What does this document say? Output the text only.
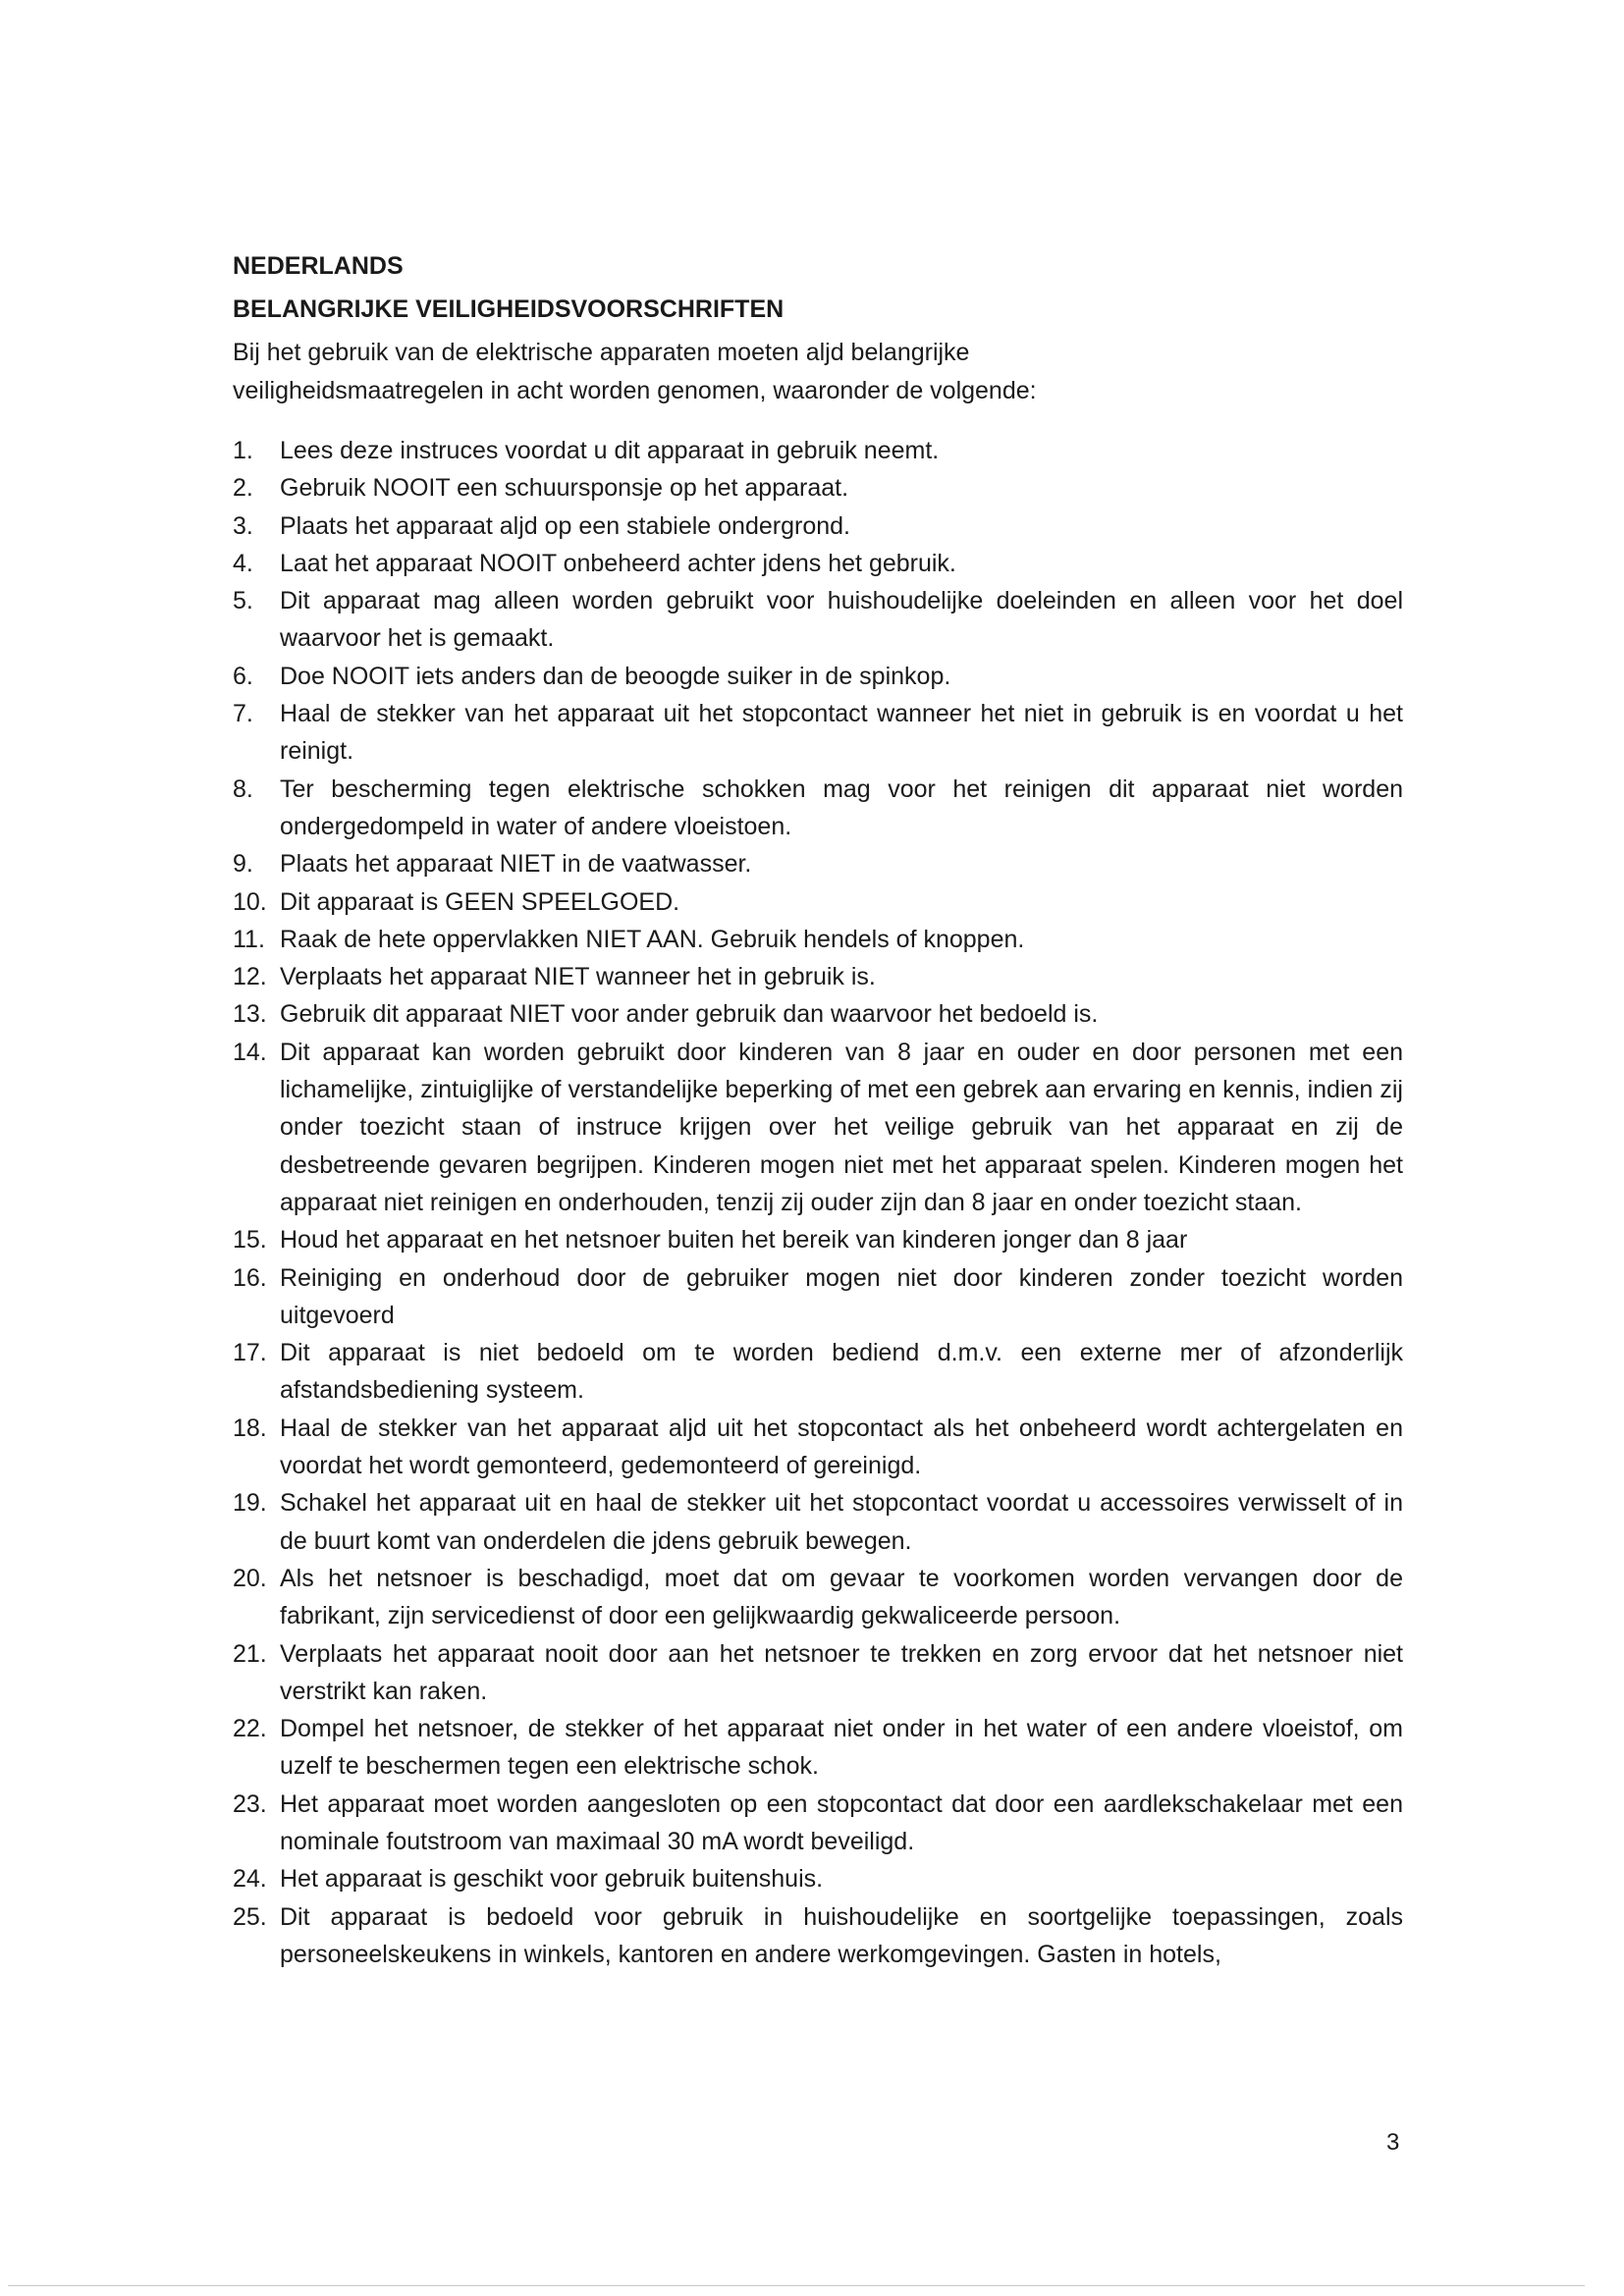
NEDERLANDS
BELANGRIJKE VEILIGHEIDSVOORSCHRIFTEN

Bij het gebruik van de elektrische apparaten moeten aljd belangrijke
veiligheidsmaatregelen in acht worden genomen, waaronder de volgende:

1.	Lees deze instruces voordat u dit apparaat in gebruik neemt.
2.	Gebruik NOOIT een schuursponsje op het apparaat.
3.	Plaats het apparaat aljd op een stabiele ondergrond.
4.	Laat het apparaat NOOIT onbeheerd achter jdens het gebruik.
5.	Dit apparaat mag alleen worden gebruikt voor huishoudelijke doeleinden en alleen voor het doel waarvoor het is gemaakt.
6.	Doe NOOIT iets anders dan de beoogde suiker in de spinkop.
7.	Haal de stekker van het apparaat uit het stopcontact wanneer het niet in gebruik is en voordat u het reinigt.
8.	Ter bescherming tegen elektrische schokken mag voor het reinigen dit apparaat niet worden ondergedompeld in water of andere vloeistoen.
9.	Plaats het apparaat NIET in de vaatwasser.
10. Dit apparaat is GEEN SPEELGOED.
11. Raak de hete oppervlakken NIET AAN. Gebruik hendels of knoppen.
12. Verplaats het apparaat NIET wanneer het in gebruik is.
13. Gebruik dit apparaat NIET voor ander gebruik dan waarvoor het bedoeld is.
14. Dit apparaat kan worden gebruikt door kinderen van 8 jaar en ouder en door personen met een lichamelijke, zintuiglijke of verstandelijke beperking of met een gebrek aan ervaring en kennis, indien zij onder toezicht staan of instruce krijgen over het veilige gebruik van het apparaat en zij de desbetreende gevaren begrijpen. Kinderen mogen niet met het apparaat spelen. Kinderen mogen het apparaat niet reinigen en onderhouden, tenzij zij ouder zijn dan 8 jaar en onder toezicht staan.
15. Houd het apparaat en het netsnoer buiten het bereik van kinderen jonger dan 8 jaar
16. Reiniging en onderhoud door de gebruiker mogen niet door kinderen zonder toezicht worden uitgevoerd
17. Dit apparaat is niet bedoeld om te worden bediend d.m.v. een externe mer of afzonderlijk afstandsbediening systeem.
18. Haal de stekker van het apparaat aljd uit het stopcontact als het onbeheerd wordt achtergelaten en voordat het wordt gemonteerd, gedemonteerd of gereinigd.
19. Schakel het apparaat uit en haal de stekker uit het stopcontact voordat u accessoires verwisselt of in de buurt komt van onderdelen die jdens gebruik bewegen.
20. Als het netsnoer is beschadigd, moet dat om gevaar te voorkomen worden vervangen door de fabrikant, zijn servicedienst of door een gelijkwaardig gekwaliceerde persoon.
21. Verplaats het apparaat nooit door aan het netsnoer te trekken en zorg ervoor dat het netsnoer niet verstrikt kan raken.
22. Dompel het netsnoer, de stekker of het apparaat niet onder in het water of een andere vloeistof, om uzelf te beschermen tegen een elektrische schok.
23. Het apparaat moet worden aangesloten op een stopcontact dat door een aardlekschakelaar met een nominale foutstroom van maximaal 30 mA wordt beveiligd.
24. Het apparaat is geschikt voor gebruik buitenshuis.
25. Dit apparaat is bedoeld voor gebruik in huishoudelijke en soortgelijke toepassingen, zoals personeelskeukens in winkels, kantoren en andere werkomgevingen. Gasten in hotels,
3
